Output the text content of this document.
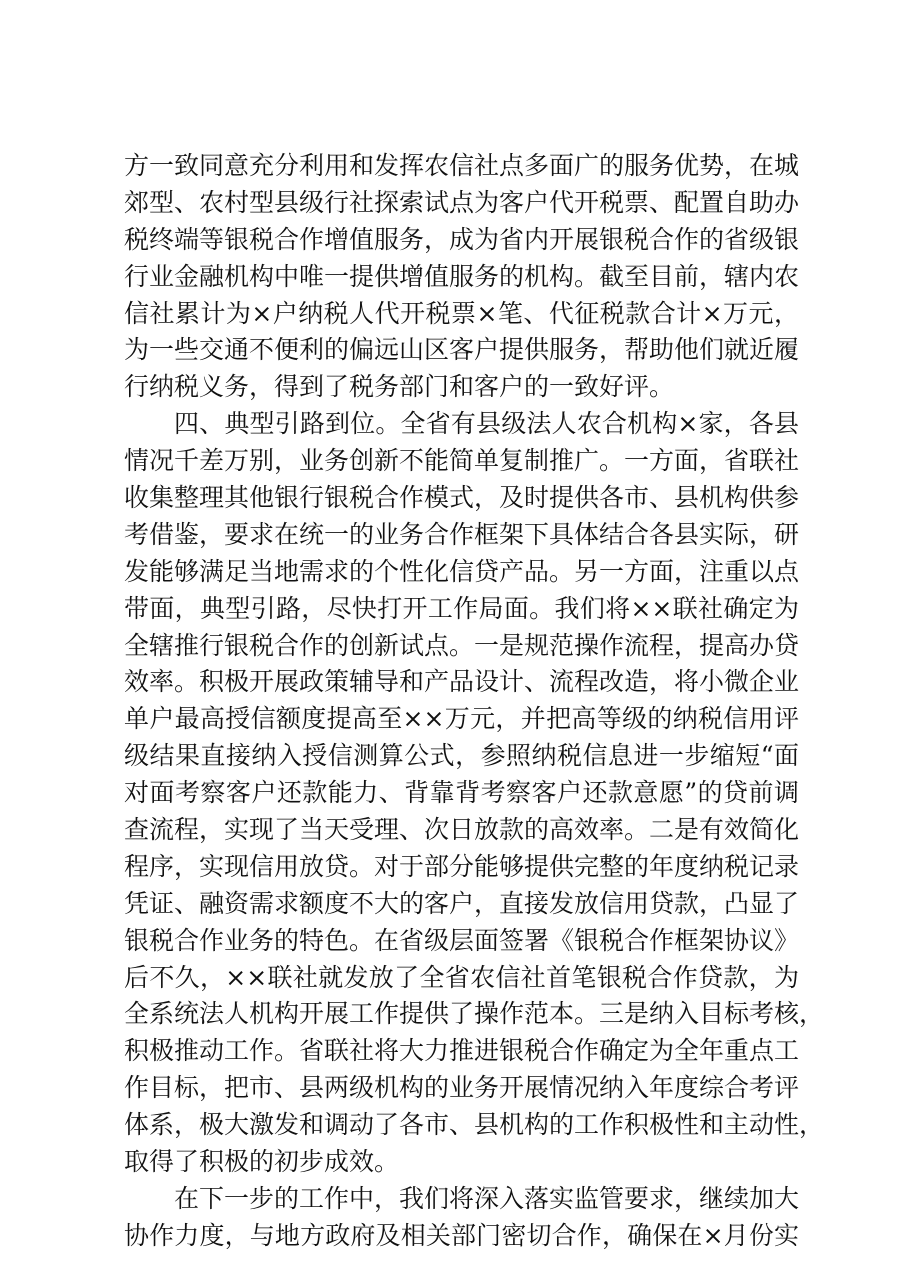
方一致同意充分利用和发挥农信社点多面广的服务优势，在城
郊型、农村型县级行社探索试点为客户代开税票、配置自助办
税终端等银税合作增值服务，成为省内开展银税合作的省级银
行业金融机构中唯一提供增值服务的机构。截至目前，辖内农
信社累计为×户纳税人代开税票×笔、代征税款合计×万元，
为一些交通不便利的偏远山区客户提供服务，帮助他们就近履
行纳税义务，得到了税务部门和客户的一致好评。
四、典型引路到位。全省有县级法人农合机构×家，各县
情况千差万别，业务创新不能简单复制推广。一方面，省联社
收集整理其他银行银税合作模式，及时提供各市、县机构供参
考借鉴，要求在统一的业务合作框架下具体结合各县实际，研
发能够满足当地需求的个性化信贷产品。另一方面，注重以点
带面，典型引路，尽快打开工作局面。我们将××联社确定为
全辖推行银税合作的创新试点。一是规范操作流程，提高办贷
效率。积极开展政策辅导和产品设计、流程改造，将小微企业
单户最高授信额度提高至××万元，并把高等级的纳税信用评
级结果直接纳入授信测算公式，参照纳税信息进一步缩短“面
对面考察客户还款能力、背靠背考察客户还款意愿”的贷前调
查流程，实现了当天受理、次日放款的高效率。二是有效简化
程序，实现信用放贷。对于部分能够提供完整的年度纳税记录
凭证、融资需求额度不大的客户，直接发放信用贷款，凸显了
银税合作业务的特色。在省级层面签署《银税合作框架协议》
后不久，××联社就发放了全省农信社首笔银税合作贷款，为
全系统法人机构开展工作提供了操作范本。三是纳入目标考核，
积极推动工作。省联社将大力推进银税合作确定为全年重点工
作目标，把市、县两级机构的业务开展情况纳入年度综合考评
体系，极大激发和调动了各市、县机构的工作积极性和主动性，
取得了积极的初步成效。
在下一步的工作中，我们将深入落实监管要求，继续加大
协作力度，与地方政府及相关部门密切合作，确保在×月份实
